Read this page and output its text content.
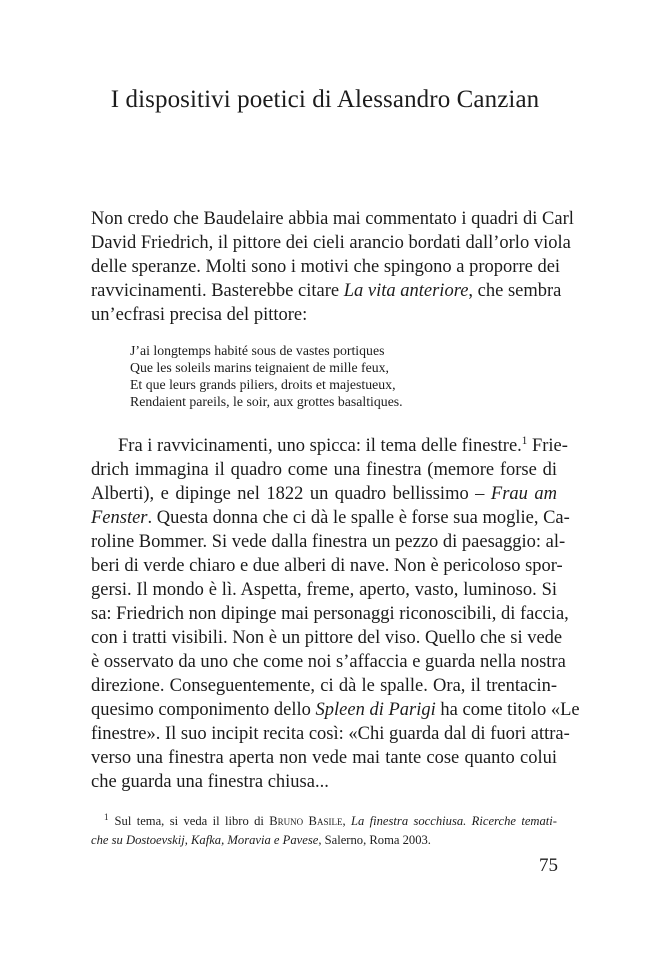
I dispositivi poetici di Alessandro Canzian
Non credo che Baudelaire abbia mai commentato i quadri di Carl
David Friedrich, il pittore dei cieli arancio bordati dall’orlo viola
delle speranze. Molti sono i motivi che spingono a proporre dei
ravvicinamenti. Basterebbe citare La vita anteriore, che sembra
un’ecfrasi precisa del pittore:
J’ai longtemps habité sous de vastes portiques
Que les soleils marins teignaient de mille feux,
Et que leurs grands piliers, droits et majestueux,
Rendaient pareils, le soir, aux grottes basaltiques.
Fra i ravvicinamenti, uno spicca: il tema delle finestre.$^1$ Frie-
drich immagina il quadro come una finestra (memore forse di
Alberti), e dipinge nel 1822 un quadro bellissimo – Frau am
Fenster. Questa donna che ci dà le spalle è forse sua moglie, Ca-
roline Bommer. Si vede dalla finestra un pezzo di paesaggio: al-
beri di verde chiaro e due alberi di nave. Non è pericoloso spor-
gersi. Il mondo è lì. Aspetta, freme, aperto, vasto, luminoso. Si
sa: Friedrich non dipinge mai personaggi riconoscibili, di faccia,
con i tratti visibili. Non è un pittore del viso. Quello che si vede
è osservato da uno che come noi s’affaccia e guarda nella nostra
direzione. Conseguentemente, ci dà le spalle. Ora, il trentacin-
quesimo componimento dello Spleen di Parigi ha come titolo «Le
finestre». Il suo incipit recita così: «Chi guarda dal di fuori attra-
verso una finestra aperta non vede mai tante cose quanto colui
che guarda una finestra chiusa...
$^1$ Sul tema, si veda il libro di Bruno Basile, La finestra socchiusa. Ricerche temati-
che su Dostoevskij, Kafka, Moravia e Pavese, Salerno, Roma 2003.
75
